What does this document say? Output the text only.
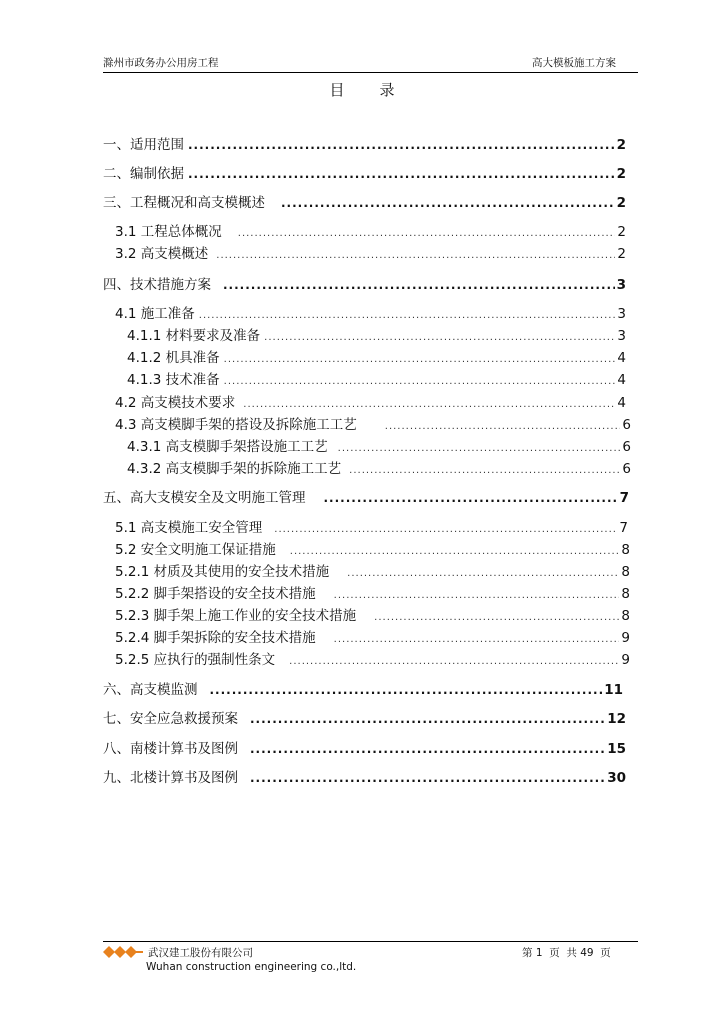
滁州市政务办公用房工程	高大模板施工方案
目 录
一、适用范围 .....	2
二、编制依据 .....	2
三、工程概况和高支模概述 .....	2
3.1 工程总体概况 .....	2
3.2 高支模概述 .....	2
四、技术措施方案 .....	3
4.1 施工准备 .....	3
4.1.1 材料要求及准备 .....	3
4.1.2 机具准备 .....	4
4.1.3 技术准备 .....	4
4.2 高支模技术要求 .....	4
4.3 高支模脚手架的搭设及拆除施工工艺 .....	6
4.3.1 高支模脚手架搭设施工工艺 .....	6
4.3.2 高支模脚手架的拆除施工工艺 .....	6
五、高大支模安全及文明施工管理 .....	7
5.1 高支模施工安全管理 .....	7
5.2 安全文明施工保证措施 .....	8
5.2.1 材质及其使用的安全技术措施 .....	8
5.2.2 脚手架搭设的安全技术措施 .....	8
5.2.3 脚手架上施工作业的安全技术措施 .....	8
5.2.4 脚手架拆除的安全技术措施 .....	9
5.2.5 应执行的强制性条文 .....	9
六、高支模监测 .....	11
七、安全应急救援预案 .....	12
八、南楼计算书及图例 .....	15
九、北楼计算书及图例 .....	30
武汉建工股份有限公司
Wuhan construction engineering co.,ltd.
第 1  页  共 49  页
